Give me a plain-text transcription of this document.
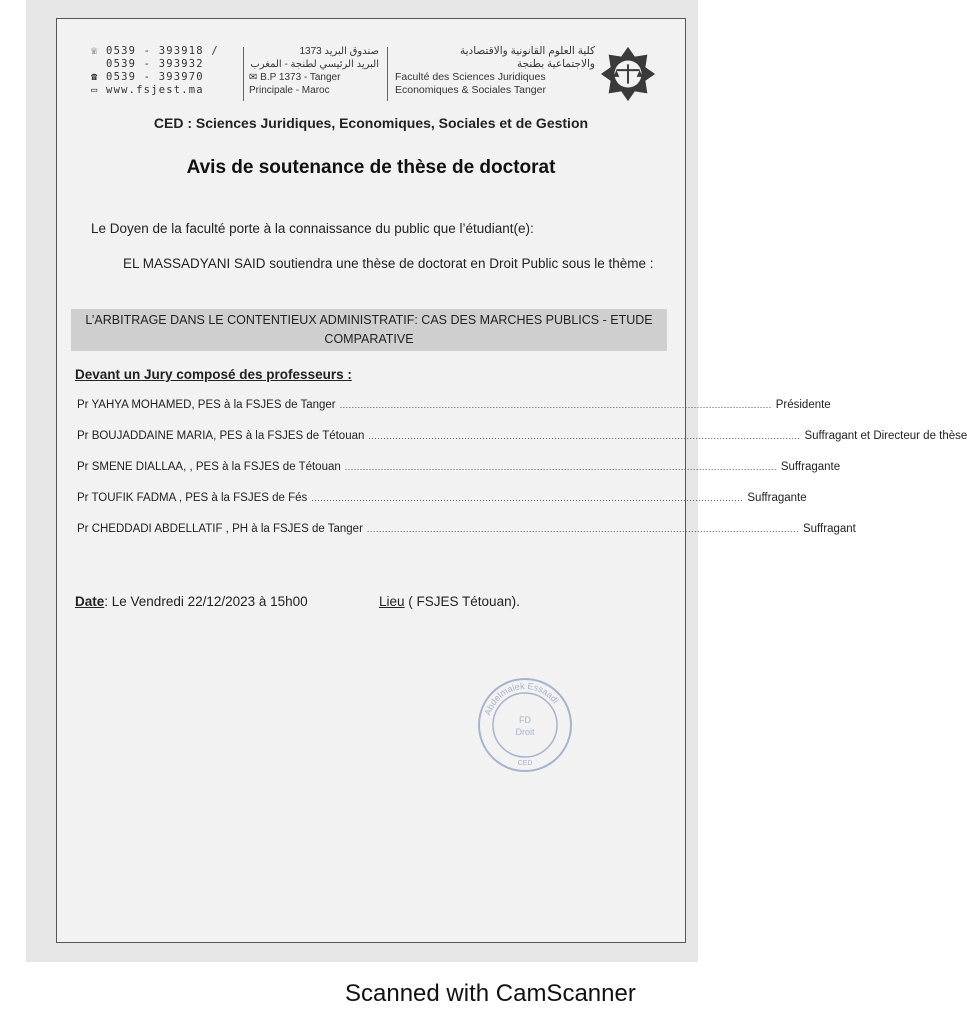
☏ 0539 - 393918 /
0539 - 393932
☎ 0539 - 393970
▭ www.fsjest.ma
صندوق البريد 1373
البريد الرئيسي لطنجة - المغرب
✉ B.P 1373 - Tanger
Principale - Maroc
كلية العلوم القانونية والاقتصادية
والاجتماعية بطنجة
Faculté des Sciences Juridiques
Economiques & Sociales Tanger
CED : Sciences Juridiques, Economiques, Sociales et de Gestion
Avis de soutenance de thèse de doctorat
Le Doyen de la faculté porte à la connaissance du public que l’étudiant(e):
EL MASSADYANI SAID soutiendra une thèse de doctorat en Droit Public sous le thème :
L’ARBITRAGE DANS LE CONTENTIEUX ADMINISTRATIF: CAS DES MARCHES PUBLICS - ETUDE COMPARATIVE
Devant un Jury composé des professeurs :
Pr YAHYA MOHAMED, PES à la FSJES de Tanger ................................................................................................................................................ Présidente
Pr BOUJADDAINE MARIA, PES à la FSJES de Tétouan ................................................................................................................................................ Suffragant et Directeur de thèse
Pr SMENE DIALLAA, , PES à la FSJES de Tétouan ................................................................................................................................................ Suffragante
Pr TOUFIK FADMA , PES à la FSJES de Fés ................................................................................................................................................ Suffragante
Pr CHEDDADI ABDELLATIF , PH à la FSJES de Tanger ................................................................................................................................................ Suffragant
Date: Le Vendredi 22/12/2023 à 15h00	Lieu ( FSJES Tétouan).
Abdelmalek Essaadi
FD
Droit
CED
Scanned with CamScanner
